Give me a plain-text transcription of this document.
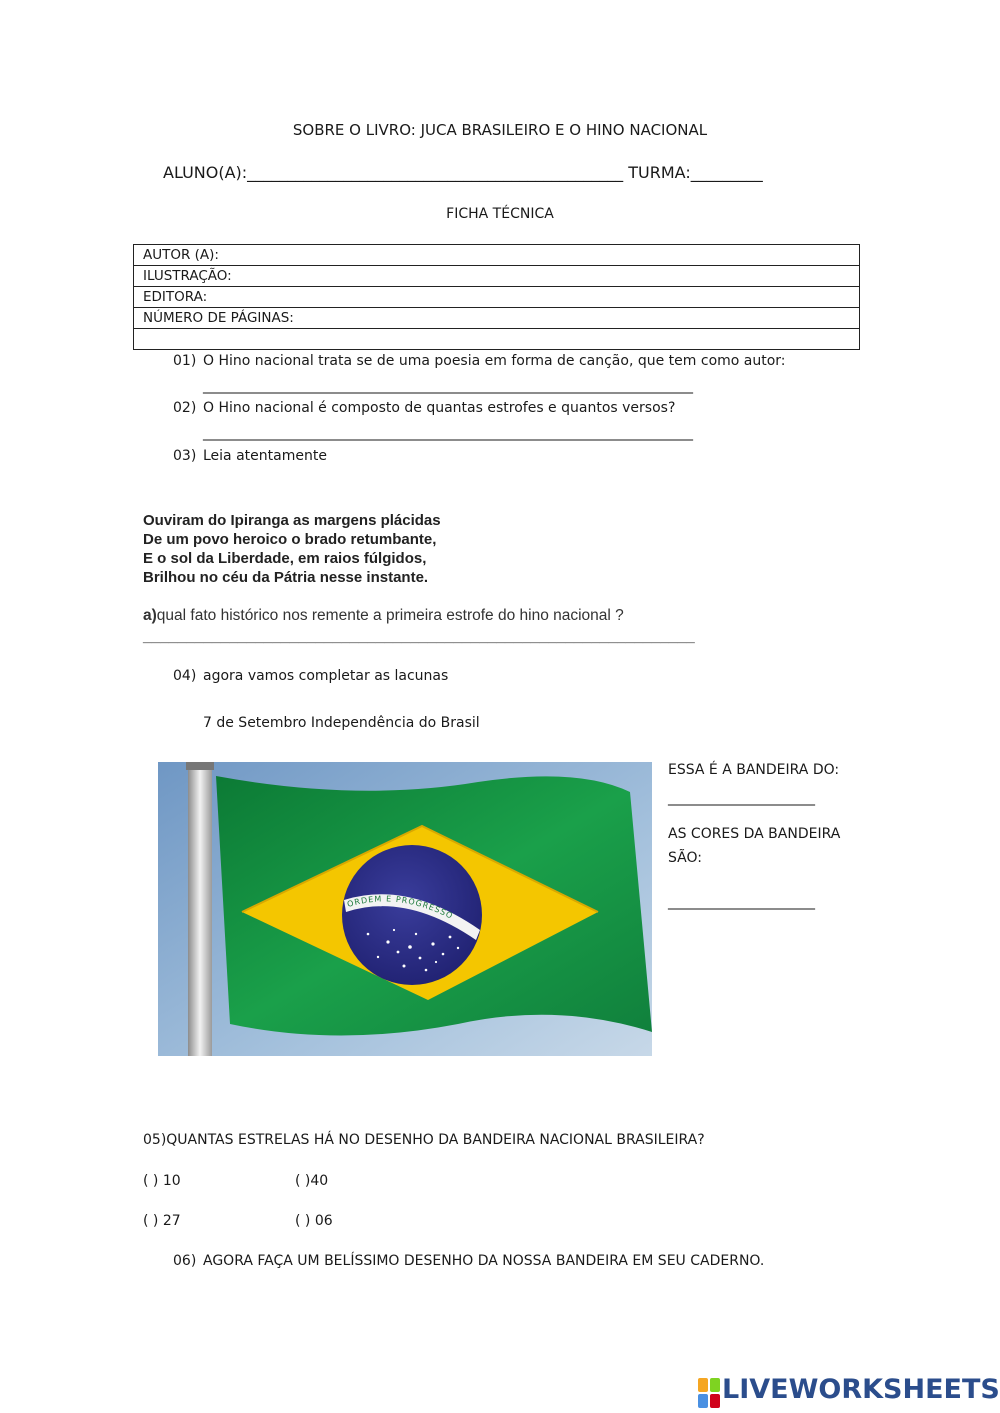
SOBRE O LIVRO: JUCA BRASILEIRO E O HINO NACIONAL
ALUNO(A):_______________________________________________ TURMA:_________
FICHA TÉCNICA
AUTOR (A):
ILUSTRAÇÃO:
EDITORA:
NÚMERO DE PÁGINAS:

01) O Hino nacional trata se de uma poesia em forma de canção, que tem como autor:
______________________________________________________________________
02) O Hino nacional é composto de quantas estrofes e quantos versos?
______________________________________________________________________
03) Leia atentamente
Ouviram do Ipiranga as margens plácidas
De um povo heroico o brado retumbante,
E o sol da Liberdade, em raios fúlgidos,
Brilhou no céu da Pátria nesse instante.
a)qual fato histórico nos remente a primeira estrofe do hino nacional ?
________________________________________________________________
04) agora vamos completar as lacunas
7 de Setembro Independência do Brasil
ORDEM E PROGRESSO
ESSA É A BANDEIRA DO:
_____________________
AS CORES DA BANDEIRA
SÃO:
_____________________
05)QUANTAS ESTRELAS HÁ NO DESENHO DA BANDEIRA NACIONAL BRASILEIRA?
( ) 10	( )40
( ) 27	( ) 06
06) AGORA FAÇA UM BELÍSSIMO DESENHO DA NOSSA BANDEIRA EM SEU CADERNO.
LIVEWORKSHEETS
